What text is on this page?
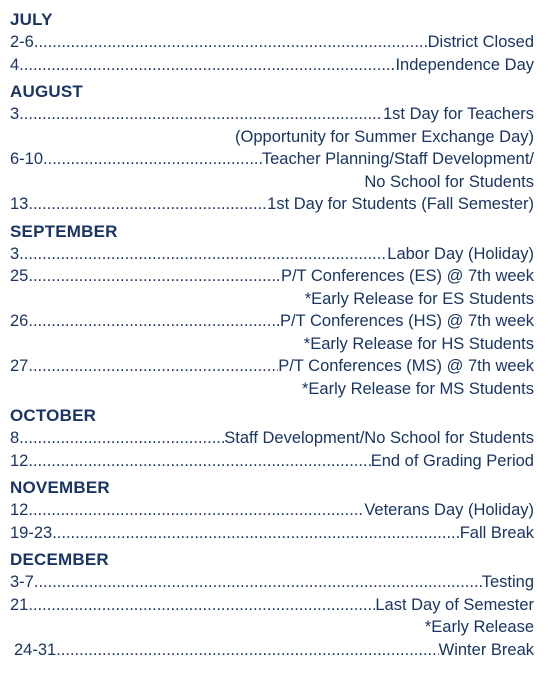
JULY
2-6 .....	District Closed
4 .....	Independence Day
AUGUST
3 .....	1st Day for Teachers
(Opportunity for Summer Exchange Day)
6-10 .....	Teacher Planning/Staff Development/
No School for Students
13 .....	1st Day for Students (Fall Semester)
SEPTEMBER
3 .....	Labor Day (Holiday)
25 .....	P/T Conferences (ES) @ 7th week
*Early Release for ES Students
26 .....	P/T Conferences (HS) @ 7th week
*Early Release for HS Students
27 .....	P/T Conferences (MS) @ 7th week
*Early Release for MS Students
OCTOBER
8 .....	Staff Development/No School for Students
12 .....	End of Grading Period
NOVEMBER
12 .....	Veterans Day (Holiday)
19-23 .....	Fall Break
DECEMBER
3-7 .....	Testing
21 .....	Last Day of Semester
*Early Release
24-31 .....	Winter Break
